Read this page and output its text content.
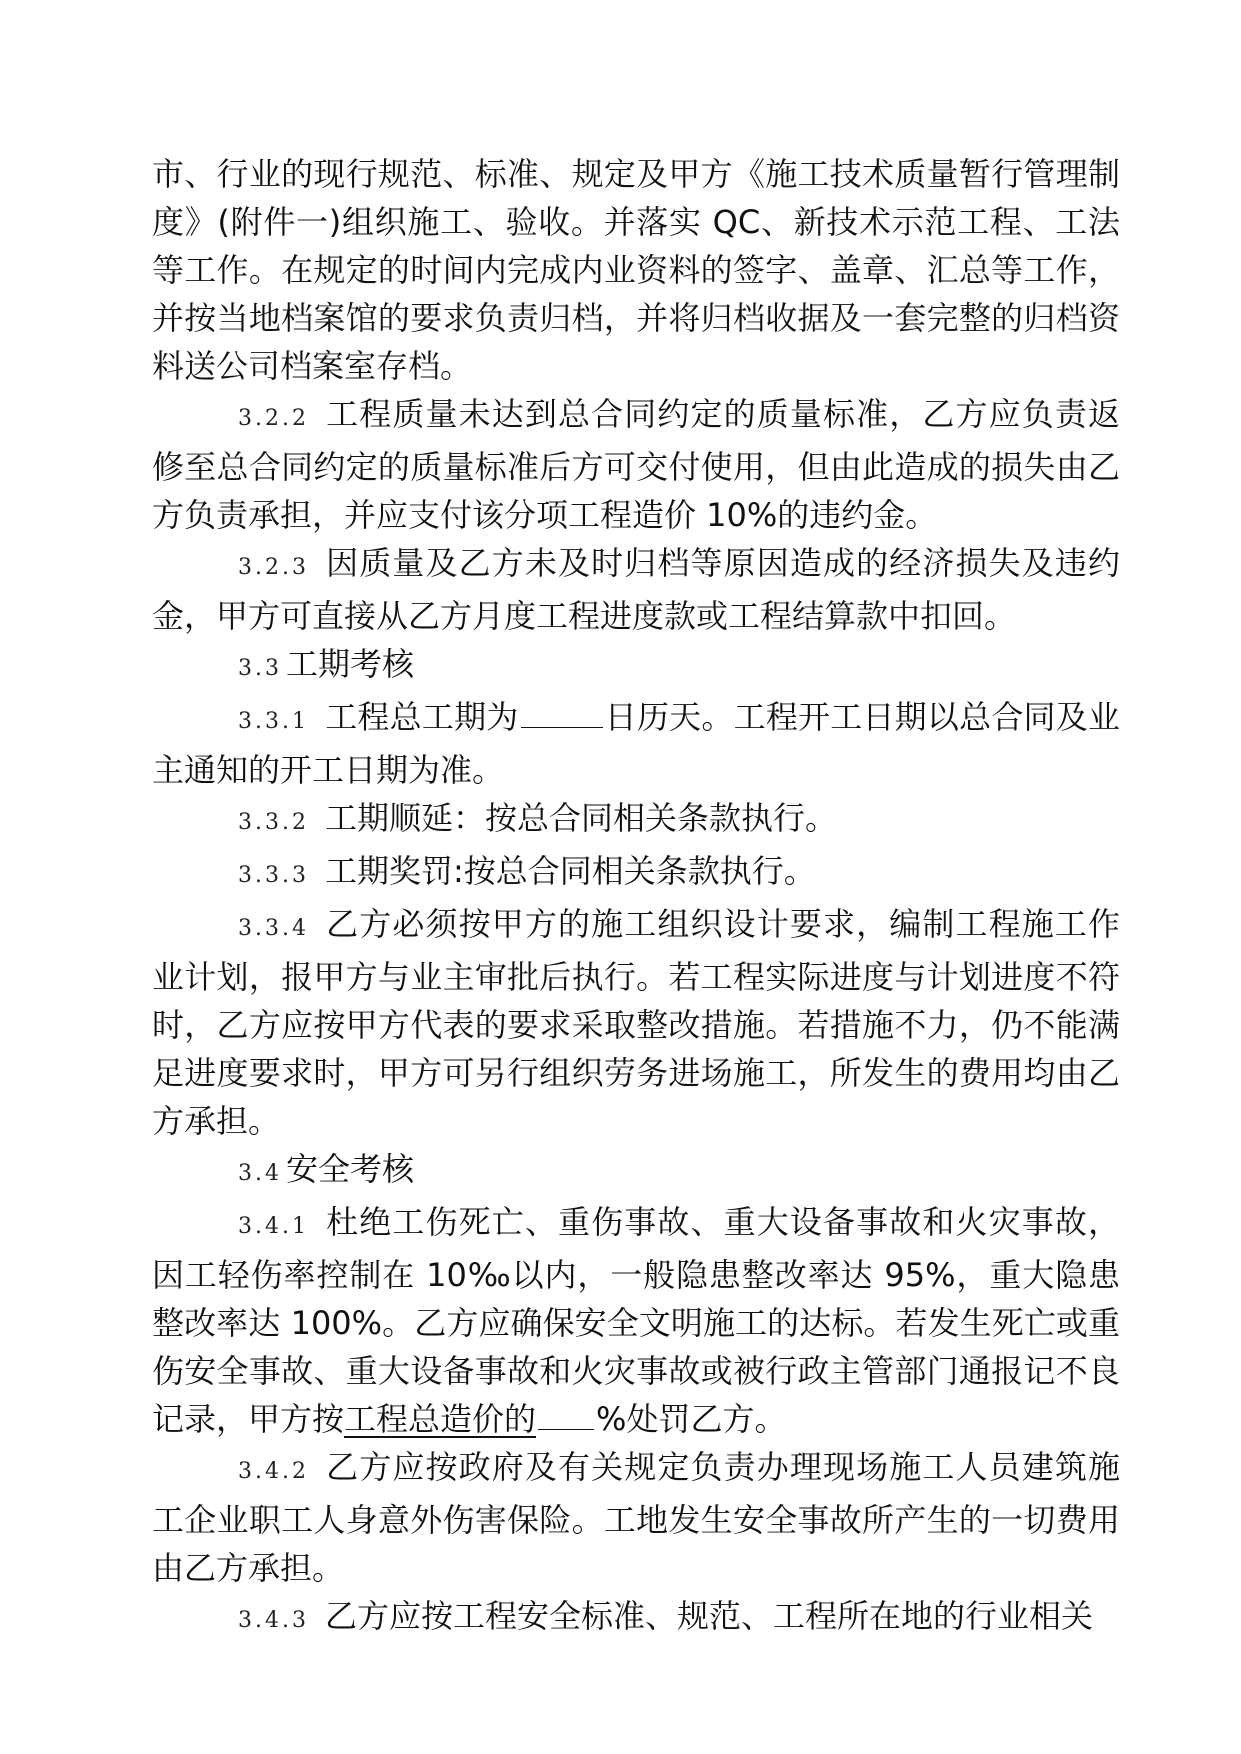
市、行业的现行规范、标准、规定及甲方《施工技术质量暂行管理制度》(附件一)组织施工、验收。并落实 QC、新技术示范工程、工法等工作。在规定的时间内完成内业资料的签字、盖章、汇总等工作，并按当地档案馆的要求负责归档，并将归档收据及一套完整的归档资料送公司档案室存档。

3.2.2 工程质量未达到总合同约定的质量标准，乙方应负责返修至总合同约定的质量标准后方可交付使用，但由此造成的损失由乙方负责承担，并应支付该分项工程造价 10%的违约金。

3.2.3 因质量及乙方未及时归档等原因造成的经济损失及违约金，甲方可直接从乙方月度工程进度款或工程结算款中扣回。

3.3 工期考核

3.3.1 工程总工期为	日历天。工程开工日期以总合同及业主通知的开工日期为准。

3.3.2 工期顺延：按总合同相关条款执行。

3.3.3 工期奖罚:按总合同相关条款执行。

3.3.4 乙方必须按甲方的施工组织设计要求，编制工程施工作业计划，报甲方与业主审批后执行。若工程实际进度与计划进度不符时，乙方应按甲方代表的要求采取整改措施。若措施不力，仍不能满足进度要求时，甲方可另行组织劳务进场施工，所发生的费用均由乙方承担。

3.4 安全考核

3.4.1 杜绝工伤死亡、重伤事故、重大设备事故和火灾事故，因工轻伤率控制在 10‰以内，一般隐患整改率达 95%，重大隐患整改率达 100%。乙方应确保安全文明施工的达标。若发生死亡或重伤安全事故、重大设备事故和火灾事故或被行政主管部门通报记不良记录，甲方按工程总造价的 %处罚乙方。

3.4.2 乙方应按政府及有关规定负责办理现场施工人员建筑施工企业职工人身意外伤害保险。工地发生安全事故所产生的一切费用由乙方承担。

3.4.3 乙方应按工程安全标准、规范、工程所在地的行业相关
